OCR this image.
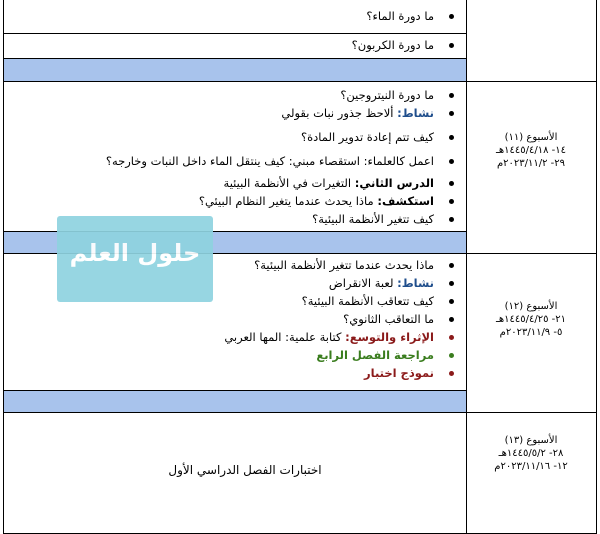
ما دورة الماء؟
ما دورة الكربون؟
الأسبوع (١١)
١٤- ١٤٤٥/٤/١٨هـ
٢٩- ٢٠٢٣/١١/٢م
ما دورة النيتروجين؟
نشاط: ألاحظ جذور نبات بقولي
كيف تتم إعادة تدوير المادة؟
اعمل كالعلماء: استقصاء مبني: كيف ينتقل الماء داخل النبات وخارجه؟
الدرس الثاني: التغيرات في الأنظمة البيئية
استكشف: ماذا يحدث عندما يتغير النظام البيئي؟
كيف تتغير الأنظمة البيئية؟
الأسبوع (١٢)
٢١- ١٤٤٥/٤/٢٥هـ
٥- ٢٠٢٣/١١/٩م
ماذا يحدث عندما تتغير الأنظمة البيئية؟
نشاط: لعبة الانقراض
كيف تتعاقب الأنظمة البيئية؟
ما التعاقب الثانوي؟
الإثراء والتوسع: كتابة علمية: المها العربي
مراجعة الفصل الرابع
نموذج اختبار
الأسبوع (١٣)
٢٨- ١٤٤٥/٥/٢هـ
١٢- ٢٠٢٣/١١/١٦م
اختبارات الفصل الدراسي الأول
حلول العلم
